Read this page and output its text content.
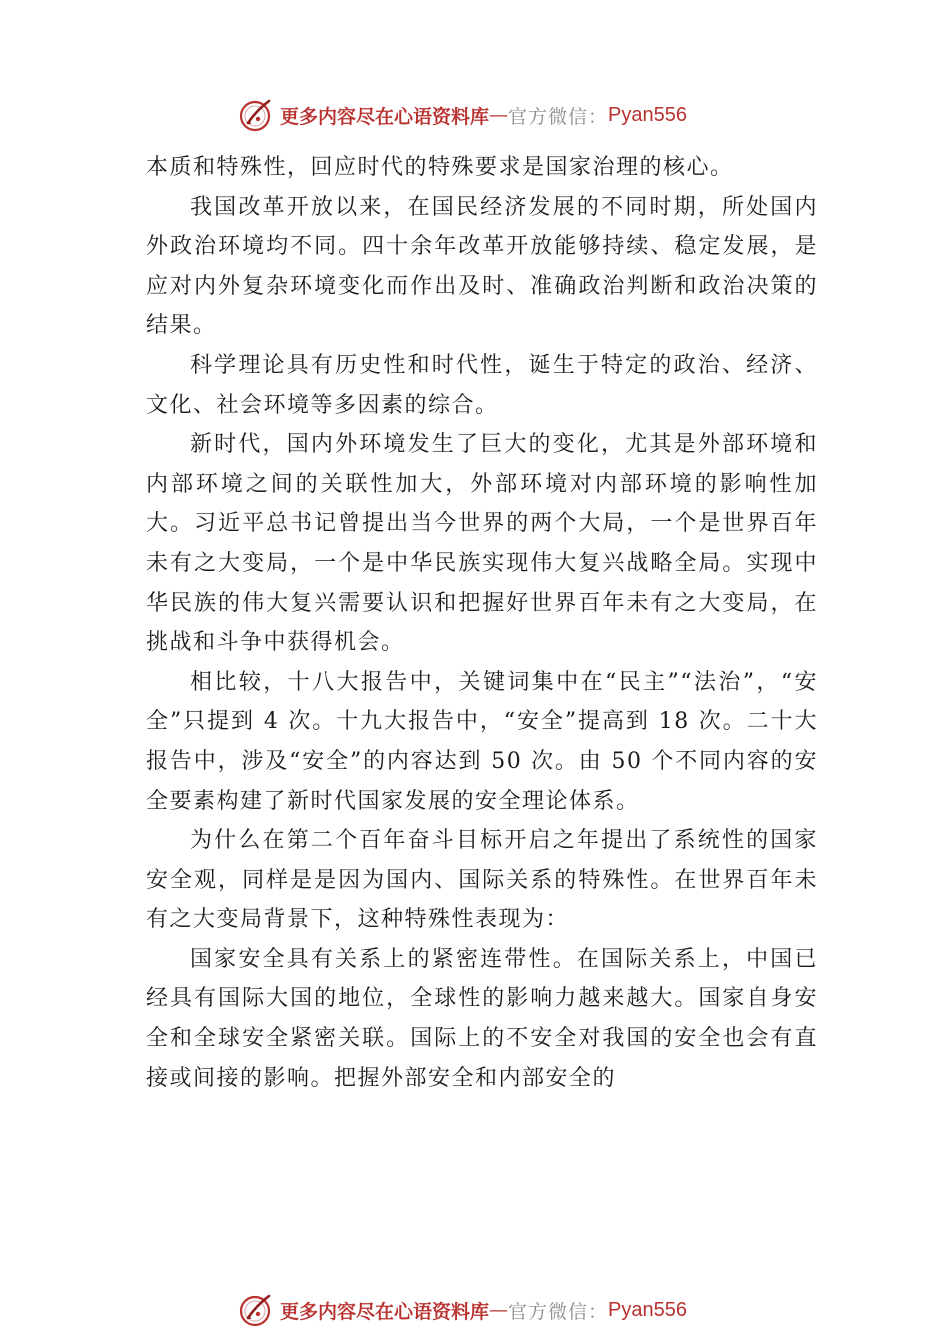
更多内容尽在心语资料库 — 官方微信： Pyan556

本质和特殊性，回应时代的特殊要求是国家治理的核心。

我国改革开放以来，在国民经济发展的不同时期，所处国内外政治环境均不同。四十余年改革开放能够持续、稳定发展，是应对内外复杂环境变化而作出及时、准确政治判断和政治决策的结果。

科学理论具有历史性和时代性，诞生于特定的政治、经济、文化、社会环境等多因素的综合。

新时代，国内外环境发生了巨大的变化，尤其是外部环境和内部环境之间的关联性加大，外部环境对内部环境的影响性加大。习近平总书记曾提出当今世界的两个大局，一个是世界百年未有之大变局，一个是中华民族实现伟大复兴战略全局。实现中华民族的伟大复兴需要认识和把握好世界百年未有之大变局，在挑战和斗争中获得机会。

相比较，十八大报告中，关键词集中在“民主”“法治”，“安全”只提到 4 次。十九大报告中，“安全”提高到 18 次。二十大报告中，涉及“安全”的内容达到 50 次。由 50 个不同内容的安全要素构建了新时代国家发展的安全理论体系。

为什么在第二个百年奋斗目标开启之年提出了系统性的国家安全观，同样是是因为国内、国际关系的特殊性。在世界百年未有之大变局背景下，这种特殊性表现为：

国家安全具有关系上的紧密连带性。在国际关系上，中国已经具有国际大国的地位，全球性的影响力越来越大。国家自身安全和全球安全紧密关联。国际上的不安全对我国的安全也会有直接或间接的影响。把握外部安全和内部安全的

更多内容尽在心语资料库 — 官方微信： Pyan556
